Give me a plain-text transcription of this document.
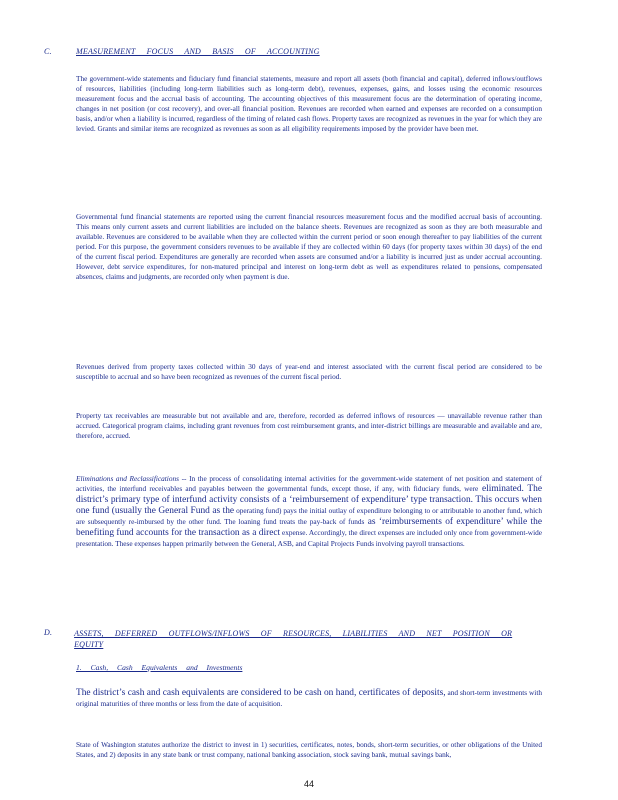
C.	MEASUREMENT FOCUS AND BASIS OF ACCOUNTING
The government-wide statements and fiduciary fund financial statements, measure and report all assets (both financial and capital), deferred inflows/outflows of resources, liabilities (including long-term liabilities such as long-term debt), revenues, expenses, gains, and losses using the economic resources measurement focus and the accrual basis of accounting. The accounting objectives of this measurement focus are the determination of operating income, changes in net position (or cost recovery), and over-all financial position. Revenues are recorded when earned and expenses are recorded on a consumption basis, and/or when a liability is incurred, regardless of the timing of related cash flows. Property taxes are recognized as revenues in the year for which they are levied. Grants and similar items are recognized as revenues as soon as all eligibility requirements imposed by the provider have been met.
Governmental fund financial statements are reported using the current financial resources measurement focus and the modified accrual basis of accounting. This means only current assets and current liabilities are included on the balance sheets. Revenues are recognized as soon as they are both measurable and available. Revenues are considered to be available when they are collected within the current period or soon enough thereafter to pay liabilities of the current period. For this purpose, the government considers revenues to be available if they are collected within 60 days (for property taxes within 30 days) of the end of the current fiscal period. Expenditures are generally are recorded when assets are consumed and/or a liability is incurred just as under accrual accounting. However, debt service expenditures, for non-matured principal and interest on long-term debt as well as expenditures related to pensions, compensated absences, claims and judgments, are recorded only when payment is due.
Revenues derived from property taxes collected within 30 days of year-end and interest associated with the current fiscal period are considered to be susceptible to accrual and so have been recognized as revenues of the current fiscal period.
Property tax receivables are measurable but not available and are, therefore, recorded as deferred inflows of resources — unavailable revenue rather than accrued. Categorical program claims, including grant revenues from cost reimbursement grants, and inter-district billings are measurable and available and are, therefore, accrued.
Eliminations and Reclassifications -- In the process of consolidating internal activities for the government-wide statement of net position and statement of activities, the interfund receivables and payables between the governmental funds, except those, if any, with fiduciary funds, were eliminated. The district’s primary type of interfund activity consists of a ‘reimbursement of expenditure’ type transaction. This occurs when one fund (usually the General Fund as the operating fund) pays the initial outlay of expenditure belonging to or attributable to another fund, which are subsequently re-imbursed by the other fund. The loaning fund treats the pay-back of funds as ‘reimbursements of expenditure’ while the benefiting fund accounts for the transaction as a direct expense. Accordingly, the direct expenses are included only once from government-wide presentation. These expenses happen primarily between the General, ASB, and Capital Projects Funds involving payroll transactions.
D.	ASSETS, DEFERRED OUTFLOWS/INFLOWS OF RESOURCES, LIABILITIES AND NET POSITION OR EQUITY
1. Cash, Cash Equivalents and Investments
The district’s cash and cash equivalents are considered to be cash on hand, certificates of deposits, and short-term investments with original maturities of three months or less from the date of acquisition.
State of Washington statutes authorize the district to invest in 1) securities, certificates, notes, bonds, short-term securities, or other obligations of the United States, and 2) deposits in any state bank or trust company, national banking association, stock saving bank, mutual savings bank,
44
